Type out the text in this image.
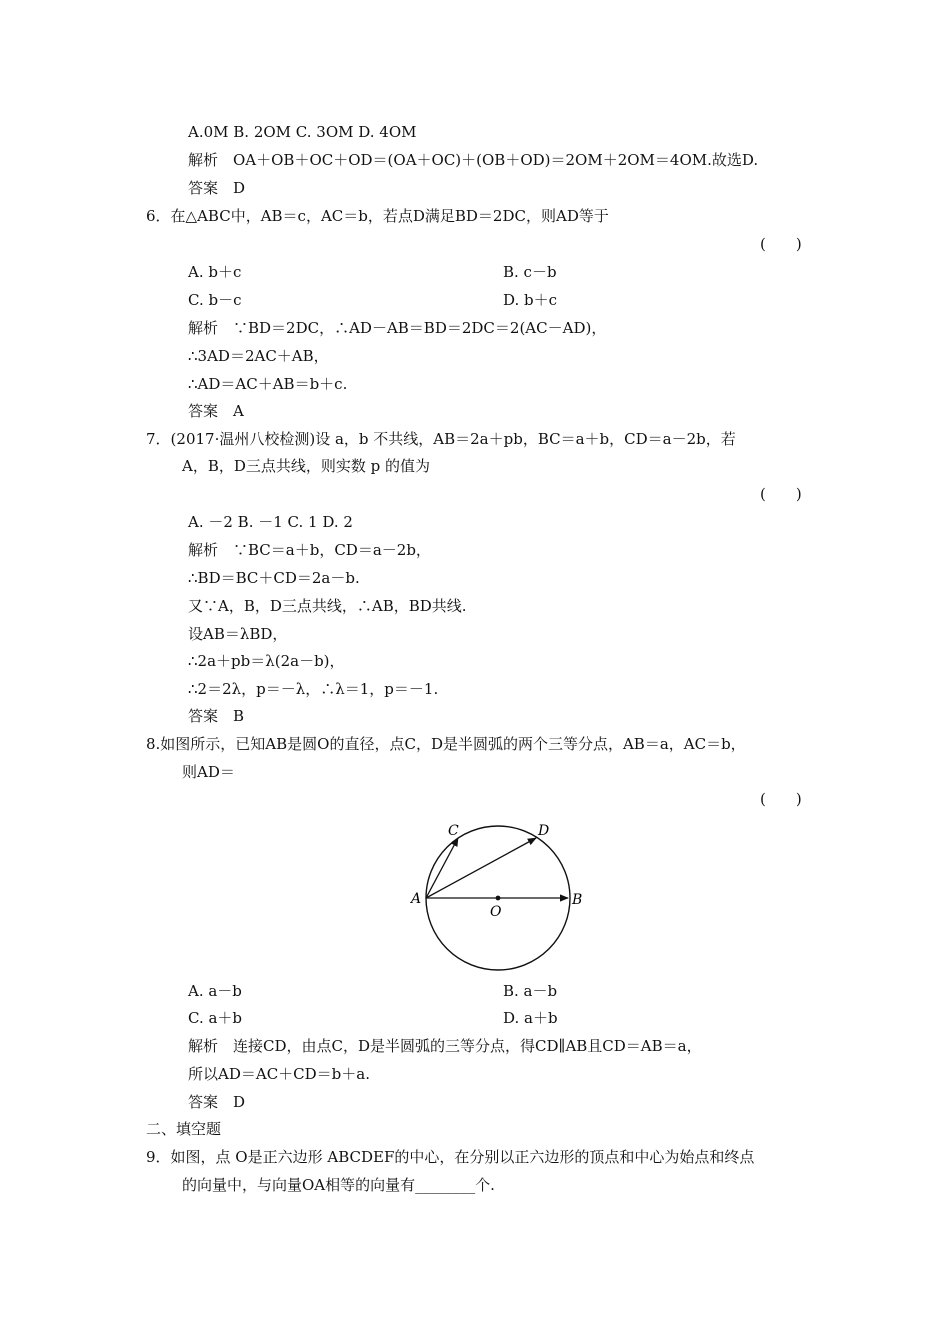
A.0M B. 2OM C. 3OM D. 4OM
解析　OA＋OB＋OC＋OD＝(OA＋OC)＋(OB＋OD)＝2OM＋2OM＝4OM.故选D.
答案　D
6．在△ABC中，AB＝c，AC＝b，若点D满足BD＝2DC，则AD等于
(　　)
A. b＋c	B. c－b
C. b－c	D. b＋c
解析　∵BD＝2DC，∴AD－AB＝BD＝2DC＝2(AC－AD)，
∴3AD＝2AC＋AB，
∴AD＝AC＋AB＝b＋c.
答案　A
7．(2017·温州八校检测)设 a，b 不共线，AB＝2a＋pb，BC＝a＋b，CD＝a－2b，若
A，B，D三点共线，则实数 p 的值为
(　　)
A. －2 B. －1 C. 1 D. 2
解析　∵BC＝a＋b，CD＝a－2b，
∴BD＝BC＋CD＝2a－b.
又∵A，B，D三点共线，∴AB，BD共线.
设AB＝λBD，
∴2a＋pb＝λ(2a－b)，
∴2＝2λ，p＝－λ，∴λ＝1，p＝－1.
答案　B
8.如图所示，已知AB是圆O的直径，点C，D是半圆弧的两个三等分点，AB＝a，AC＝b，
则AD＝
(　　)
A	B
C	D
O
A. a－b	B. a－b
C. a＋b	D. a＋b
解析　连接CD，由点C，D是半圆弧的三等分点，得CD∥AB且CD＝AB＝a，
所以AD＝AC＋CD＝b＋a.
答案　D
二、填空题
9．如图，点 O是正六边形 ABCDEF的中心，在分别以正六边形的顶点和中心为始点和终点
的向量中，与向量OA相等的向量有________个.
